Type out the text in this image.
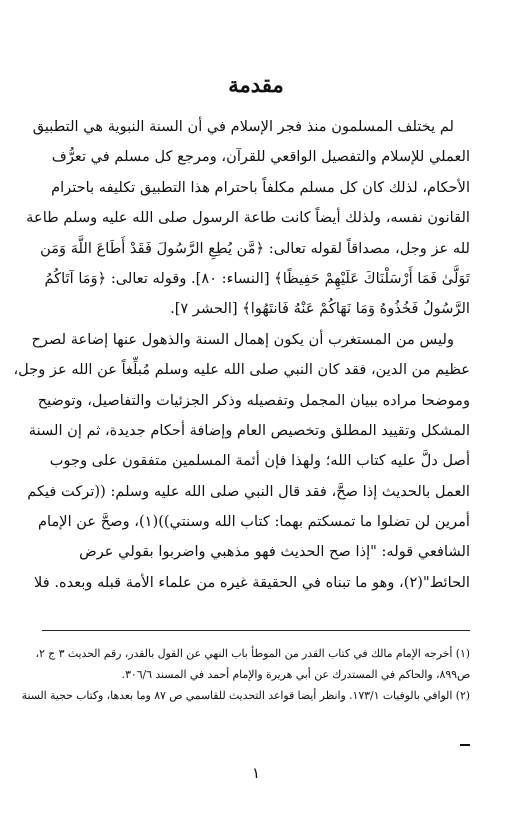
مقدمة
لم يختلف المسلمون منذ فجر الإسلام في أن السنة النبوية هي التطبيق
العملي للإسلام والتفصيل الواقعي للقرآن، ومرجع كل مسلم في تعرُّف
الأحكام، لذلك كان كل مسلم مكلفاً باحترام هذا التطبيق تكليفه باحترام
القانون نفسه، ولذلك أيضاً كانت طاعة الرسول صلى الله عليه وسلم طاعة
لله عز وجل، مصداقاً لقوله تعالى: ﴿مَّن يُطِعِ الرَّسُولَ فَقَدْ أَطَاعَ اللَّهَ وَمَن
تَوَلَّىٰ فَمَا أَرْسَلْنَاكَ عَلَيْهِمْ حَفِيظًا﴾ [النساء: ٨٠]. وقوله تعالى: ﴿وَمَا آتَاكُمُ
الرَّسُولُ فَخُذُوهُ وَمَا نَهَاكُمْ عَنْهُ فَانتَهُوا﴾ [الحشر ٧].
وليس من المستغرب أن يكون إهمال السنة والذهول عنها إضاعة لصرح
عظيم من الدين، فقد كان النبي صلى الله عليه وسلم مُبلِّغاً عن الله عز وجل،
وموضحا مراده ببيان المجمل وتفصيله وذكر الجزئيات والتفاصيل، وتوضيح
المشكل وتقييد المطلق وتخصيص العام وإضافة أحكام جديدة، ثم إن السنة
أصل دلَّ عليه كتاب الله؛ ولهذا فإن أئمة المسلمين متفقون على وجوب
العمل بالحديث إذا صحَّ، فقد قال النبي صلى الله عليه وسلم: ((تركت فيكم
أمرين لن تضلوا ما تمسكتم بهما: كتاب الله وسنتي))(١)، وصحَّ عن الإمام
الشافعي قوله: "إذا صح الحديث فهو مذهبي واضربوا بقولي عرض
الحائط"(٢)، وهو ما تبناه في الحقيقة غيره من علماء الأمة قبله وبعده. فلا
(١) أخرجه الإمام مالك في كتاب القدر من الموطأ باب النهي عن القول بالقدر، رقم الحديث ٣ ج ٢،
ص٨٩٩، والحاكم في المستدرك عن أبي هريرة والإمام أحمد في المسند ٣٠٦/٦.
(٢) الوافي بالوفيات ١٧٣/١. وانظر أيضا قواعد التحديث للقاسمي ص ٨٧ وما بعدها، وكتاب حجية السنة
١
